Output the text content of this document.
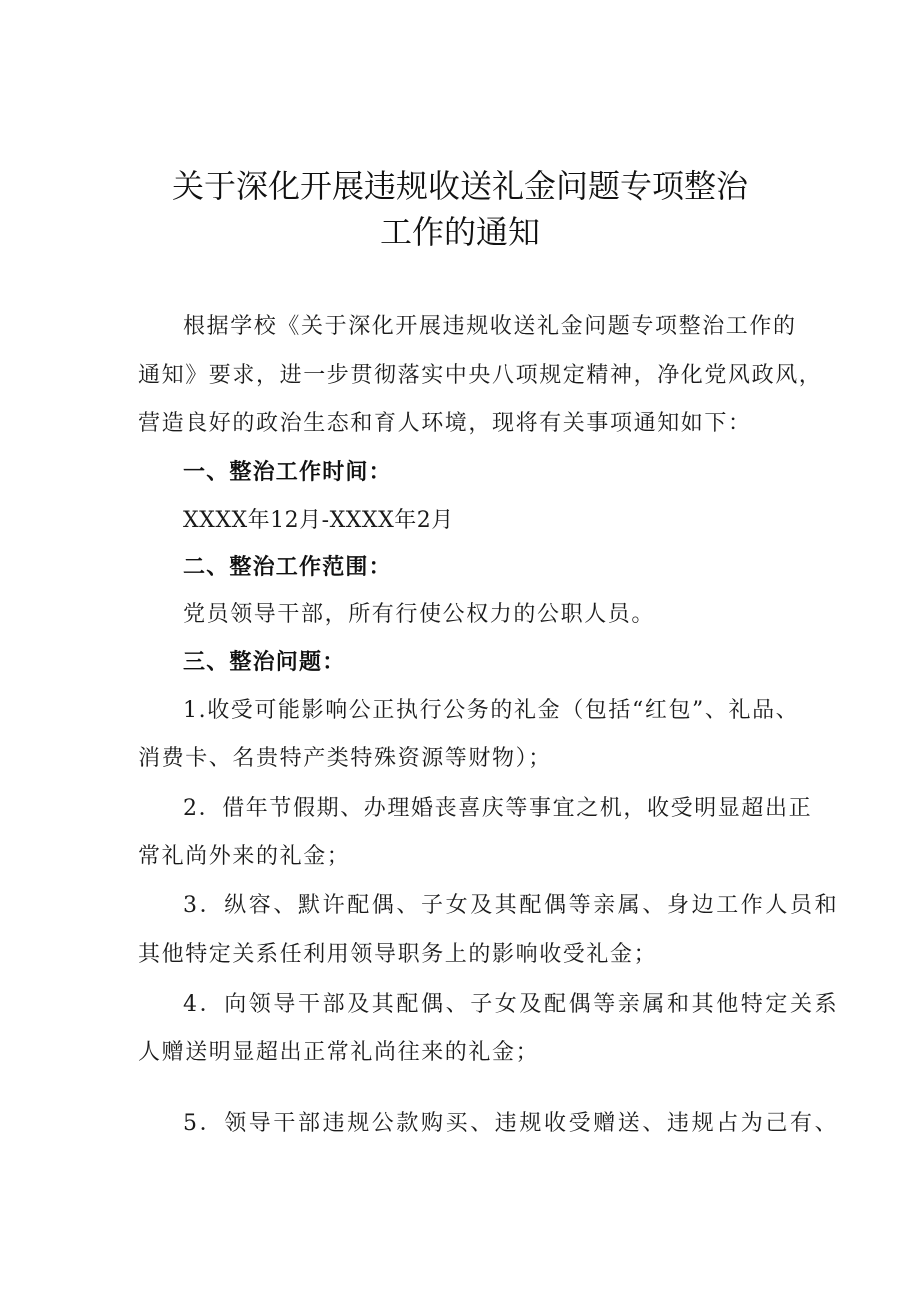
关于深化开展违规收送礼金问题专项整治
工作的通知
根据学校《关于深化开展违规收送礼金问题专项整治工作的
通知》要求，进一步贯彻落实中央八项规定精神，净化党风政风，
营造良好的政治生态和育人环境，现将有关事项通知如下：
一、整治工作时间：
XXXX年12月-XXXX年2月
二、整治工作范围：
党员领导干部，所有行使公权力的公职人员。
三、整治问题：
1.收受可能影响公正执行公务的礼金（包括“红包”、礼品、
消费卡、名贵特产类特殊资源等财物）；
2．借年节假期、办理婚丧喜庆等事宜之机，收受明显超出正
常礼尚外来的礼金；
3．纵容、默许配偶、子女及其配偶等亲属、身边工作人员和
其他特定关系任利用领导职务上的影响收受礼金；
4．向领导干部及其配偶、子女及配偶等亲属和其他特定关系
人赠送明显超出正常礼尚往来的礼金；
5．领导干部违规公款购买、违规收受赠送、违规占为己有、
